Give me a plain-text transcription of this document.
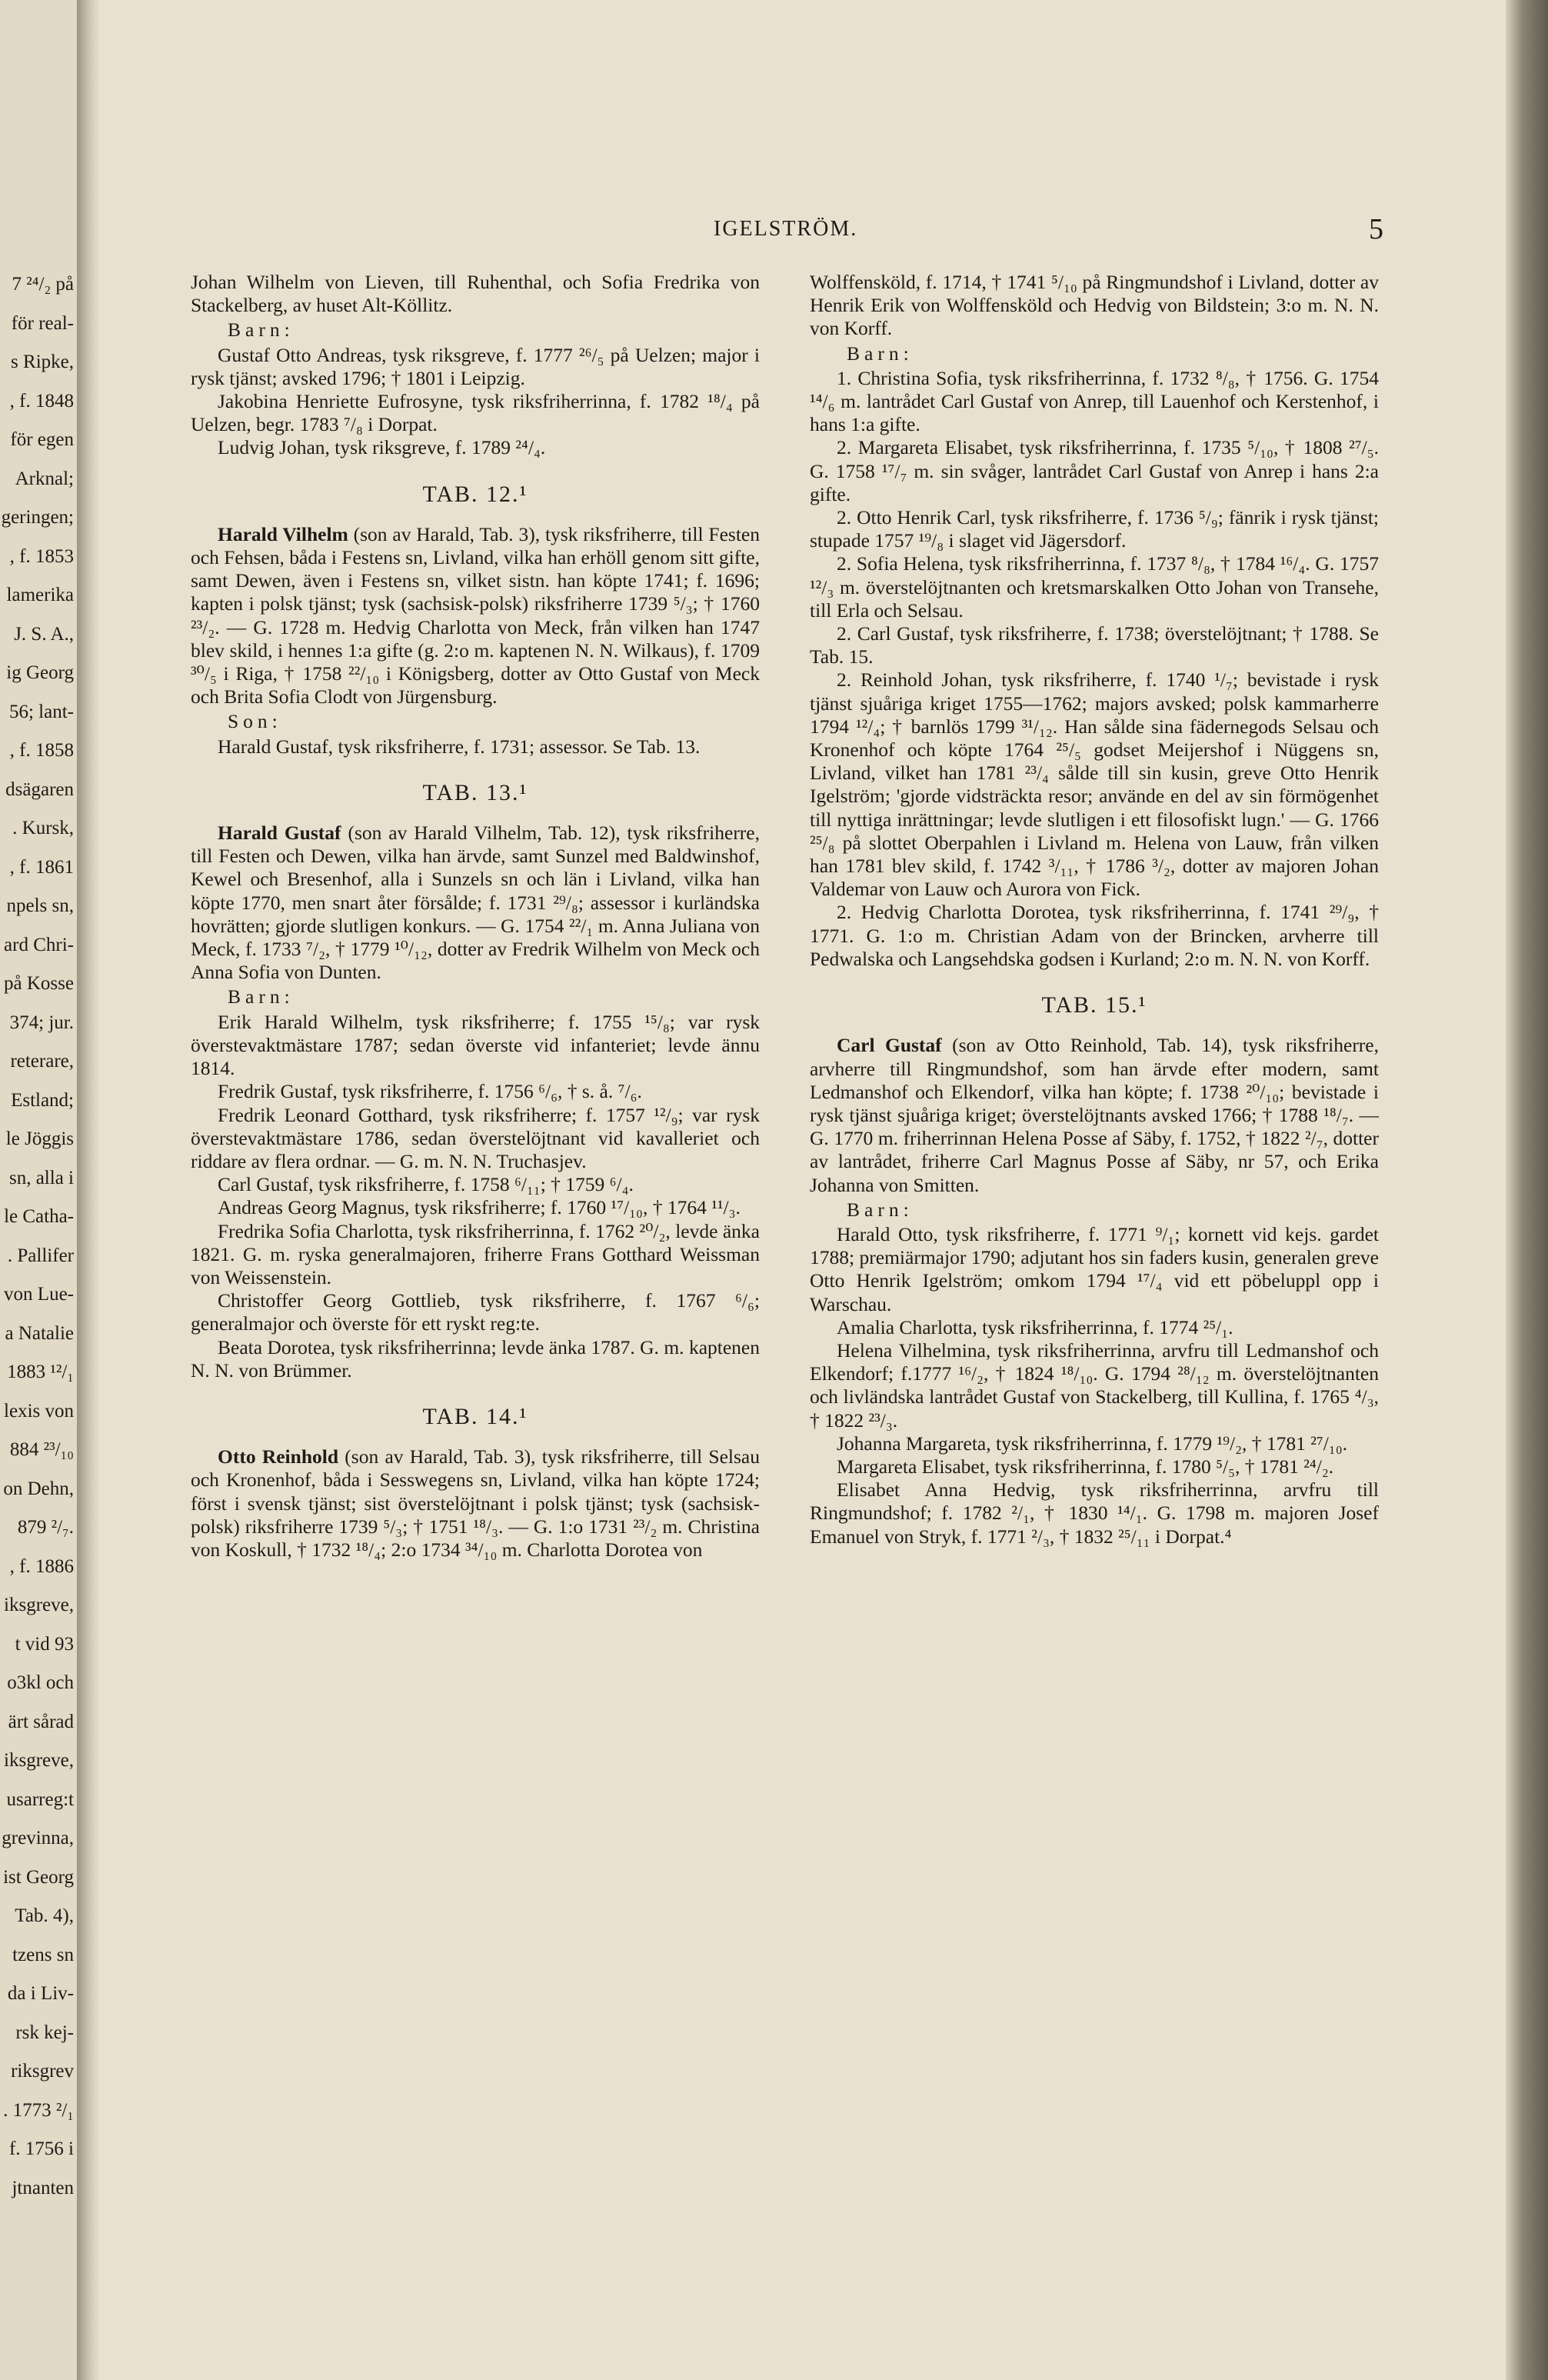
7 ²⁴/₂ på
för real-
s Ripke,
, f. 1848
för egen
Arknal;
geringen;
, f. 1853
lamerika
J. S. A.,
ig Georg
56; lant-
, f. 1858
dsägaren
. Kursk,
, f. 1861
npels sn,
ard Chri-
på Kosse
374; jur.
reterare,
Estland;
le Jöggis
sn, alla i
le Catha-
. Pallifer
von Lue-
a Natalie
1883 ¹²/₁
lexis von
884 ²³/₁₀
on Dehn,
879 ²/₇.
, f. 1886
iksgreve,
t vid 93
o3kl och
ärt sårad
iksgreve,
usarreg:t
grevinna,
ist Georg
Tab. 4),
tzens sn
da i Liv-
rsk kej-
riksgrev
. 1773 ²/₁
f. 1756 i
jtnanten
IGELSTRÖM.	5

Johan Wilhelm von Lieven, till Ruhenthal, och Sofia Fredrika von Stackelberg, av huset Alt-Köllitz.

Barn:

Gustaf Otto Andreas, tysk riksgreve, f. 1777 ²⁶/₅ på Uelzen; major i rysk tjänst; avsked 1796; † 1801 i Leipzig.

Jakobina Henriette Eufrosyne, tysk riksfriherrinna, f. 1782 ¹⁸/₄ på Uelzen, begr. 1783 ⁷/₈ i Dorpat.

Ludvig Johan, tysk riksgreve, f. 1789 ²⁴/₄.

TAB. 12.¹

Harald Vilhelm (son av Harald, Tab. 3), tysk riksfriherre, till Festen och Fehsen, båda i Festens sn, Livland, vilka han erhöll genom sitt gifte, samt Dewen, även i Festens sn, vilket sistn. han köpte 1741; f. 1696; kapten i polsk tjänst; tysk (sachsisk-polsk) riksfriherre 1739 ⁵/₃; † 1760 ²³/₂. — G. 1728 m. Hedvig Charlotta von Meck, från vilken han 1747 blev skild, i hennes 1:a gifte (g. 2:o m. kaptenen N. N. Wilkaus), f. 1709 ³⁰/₅ i Riga, † 1758 ²²/₁₀ i Königsberg, dotter av Otto Gustaf von Meck och Brita Sofia Clodt von Jürgensburg.

Son:

Harald Gustaf, tysk riksfriherre, f. 1731; assessor. Se Tab. 13.

TAB. 13.¹

Harald Gustaf (son av Harald Vilhelm, Tab. 12), tysk riksfriherre, till Festen och Dewen, vilka han ärvde, samt Sunzel med Baldwinshof, Kewel och Bresenhof, alla i Sunzels sn och län i Livland, vilka han köpte 1770, men snart åter försålde; f. 1731 ²⁹/₈; assessor i kurländska hovrätten; gjorde slutligen konkurs. — G. 1754 ²²/₁ m. Anna Juliana von Meck, f. 1733 ⁷/₂, † 1779 ¹⁰/₁₂, dotter av Fredrik Wilhelm von Meck och Anna Sofia von Dunten.

Barn:

Erik Harald Wilhelm, tysk riksfriherre; f. 1755 ¹⁵/₈; var rysk överstevaktmästare 1787; sedan överste vid infanteriet; levde ännu 1814.

Fredrik Gustaf, tysk riksfriherre, f. 1756 ⁶/₆, † s. å. ⁷/₆.

Fredrik Leonard Gotthard, tysk riksfriherre; f. 1757 ¹²/₉; var rysk överstevaktmästare 1786, sedan överstelöjtnant vid kavalleriet och riddare av flera ordnar. — G. m. N. N. Truchasjev.

Carl Gustaf, tysk riksfriherre, f. 1758 ⁶/₁₁; † 1759 ⁶/₄.

Andreas Georg Magnus, tysk riksfriherre; f. 1760 ¹⁷/₁₀, † 1764 ¹¹/₃.

Fredrika Sofia Charlotta, tysk riksfriherrinna, f. 1762 ²⁰/₂, levde änka 1821. G. m. ryska generalmajoren, friherre Frans Gotthard Weissman von Weissenstein.

Christoffer Georg Gottlieb, tysk riksfriherre, f. 1767 ⁶/₆; generalmajor och överste för ett ryskt reg:te.

Beata Dorotea, tysk riksfriherrinna; levde änka 1787. G. m. kaptenen N. N. von Brümmer.

TAB. 14.¹

Otto Reinhold (son av Harald, Tab. 3), tysk riksfriherre, till Selsau och Kronenhof, båda i Sesswegens sn, Livland, vilka han köpte 1724; först i svensk tjänst; sist överstelöjtnant i polsk tjänst; tysk (sachsisk-polsk) riksfriherre 1739 ⁵/₃; † 1751 ¹⁸/₃. — G. 1:o 1731 ²³/₂ m. Christina von Koskull, † 1732 ¹⁸/₄; 2:o 1734 ³⁴/₁₀ m. Charlotta Dorotea von

Wolffensköld, f. 1714, † 1741 ⁵/₁₀ på Ringmundshof i Livland, dotter av Henrik Erik von Wolffensköld och Hedvig von Bildstein; 3:o m. N. N. von Korff.

Barn:

1. Christina Sofia, tysk riksfriherrinna, f. 1732 ⁸/₈, † 1756. G. 1754 ¹⁴/₆ m. lantrådet Carl Gustaf von Anrep, till Lauenhof och Kerstenhof, i hans 1:a gifte.

2. Margareta Elisabet, tysk riksfriherrinna, f. 1735 ⁵/₁₀, † 1808 ²⁷/₅. G. 1758 ¹⁷/₇ m. sin svåger, lantrådet Carl Gustaf von Anrep i hans 2:a gifte.

2. Otto Henrik Carl, tysk riksfriherre, f. 1736 ⁵/₉; fänrik i rysk tjänst; stupade 1757 ¹⁹/₈ i slaget vid Jägersdorf.

2. Sofia Helena, tysk riksfriherrinna, f. 1737 ⁸/₈, † 1784 ¹⁶/₄. G. 1757 ¹²/₃ m. överstelöjtnanten och kretsmarskalken Otto Johan von Transehe, till Erla och Selsau.

2. Carl Gustaf, tysk riksfriherre, f. 1738; överstelöjtnant; † 1788. Se Tab. 15.

2. Reinhold Johan, tysk riksfriherre, f. 1740 ¹/₇; bevistade i rysk tjänst sjuåriga kriget 1755—1762; majors avsked; polsk kammarherre 1794 ¹²/₄; † barnlös 1799 ³¹/₁₂. Han sålde sina fädernegods Selsau och Kronenhof och köpte 1764 ²⁵/₅ godset Meijershof i Nüggens sn, Livland, vilket han 1781 ²³/₄ sålde till sin kusin, greve Otto Henrik Igelström; 'gjorde vidsträckta resor; använde en del av sin förmögenhet till nyttiga inrättningar; levde slutligen i ett filosofiskt lugn.' — G. 1766 ²⁵/₈ på slottet Oberpahlen i Livland m. Helena von Lauw, från vilken han 1781 blev skild, f. 1742 ³/₁₁, † 1786 ³/₂, dotter av majoren Johan Valdemar von Lauw och Aurora von Fick.

2. Hedvig Charlotta Dorotea, tysk riksfriherrinna, f. 1741 ²⁹/₉, † 1771. G. 1:o m. Christian Adam von der Brincken, arvherre till Pedwalska och Langsehdska godsen i Kurland; 2:o m. N. N. von Korff.

TAB. 15.¹

Carl Gustaf (son av Otto Reinhold, Tab. 14), tysk riksfriherre, arvherre till Ringmundshof, som han ärvde efter modern, samt Ledmanshof och Elkendorf, vilka han köpte; f. 1738 ²⁰/₁₀; bevistade i rysk tjänst sjuåriga kriget; överstelöjtnants avsked 1766; † 1788 ¹⁸/₇. — G. 1770 m. friherrinnan Helena Posse af Säby, f. 1752, † 1822 ²/₇, dotter av lantrådet, friherre Carl Magnus Posse af Säby, nr 57, och Erika Johanna von Smitten.

Barn:

Harald Otto, tysk riksfriherre, f. 1771 ⁹/₁; kornett vid kejs. gardet 1788; premiärmajor 1790; adjutant hos sin faders kusin, generalen greve Otto Henrik Igelström; omkom 1794 ¹⁷/₄ vid ett pöbeluppl opp i Warschau.

Amalia Charlotta, tysk riksfriherrinna, f. 1774 ²⁵/₁.

Helena Vilhelmina, tysk riksfriherrinna, arvfru till Ledmanshof och Elkendorf; f.1777 ¹⁶/₂, † 1824 ¹⁸/₁₀. G. 1794 ²⁸/₁₂ m. överstelöjtnanten och livländska lantrådet Gustaf von Stackelberg, till Kullina, f. 1765 ⁴/₃, † 1822 ²³/₃.

Johanna Margareta, tysk riksfriherrinna, f. 1779 ¹⁹/₂, † 1781 ²⁷/₁₀.

Margareta Elisabet, tysk riksfriherrinna, f. 1780 ⁵/₅, † 1781 ²⁴/₂.

Elisabet Anna Hedvig, tysk riksfriherrinna, arvfru till Ringmundshof; f. 1782 ²/₁, † 1830 ¹⁴/₁. G. 1798 m. majoren Josef Emanuel von Stryk, f. 1771 ²/₃, † 1832 ²⁵/₁₁ i Dorpat.⁴
